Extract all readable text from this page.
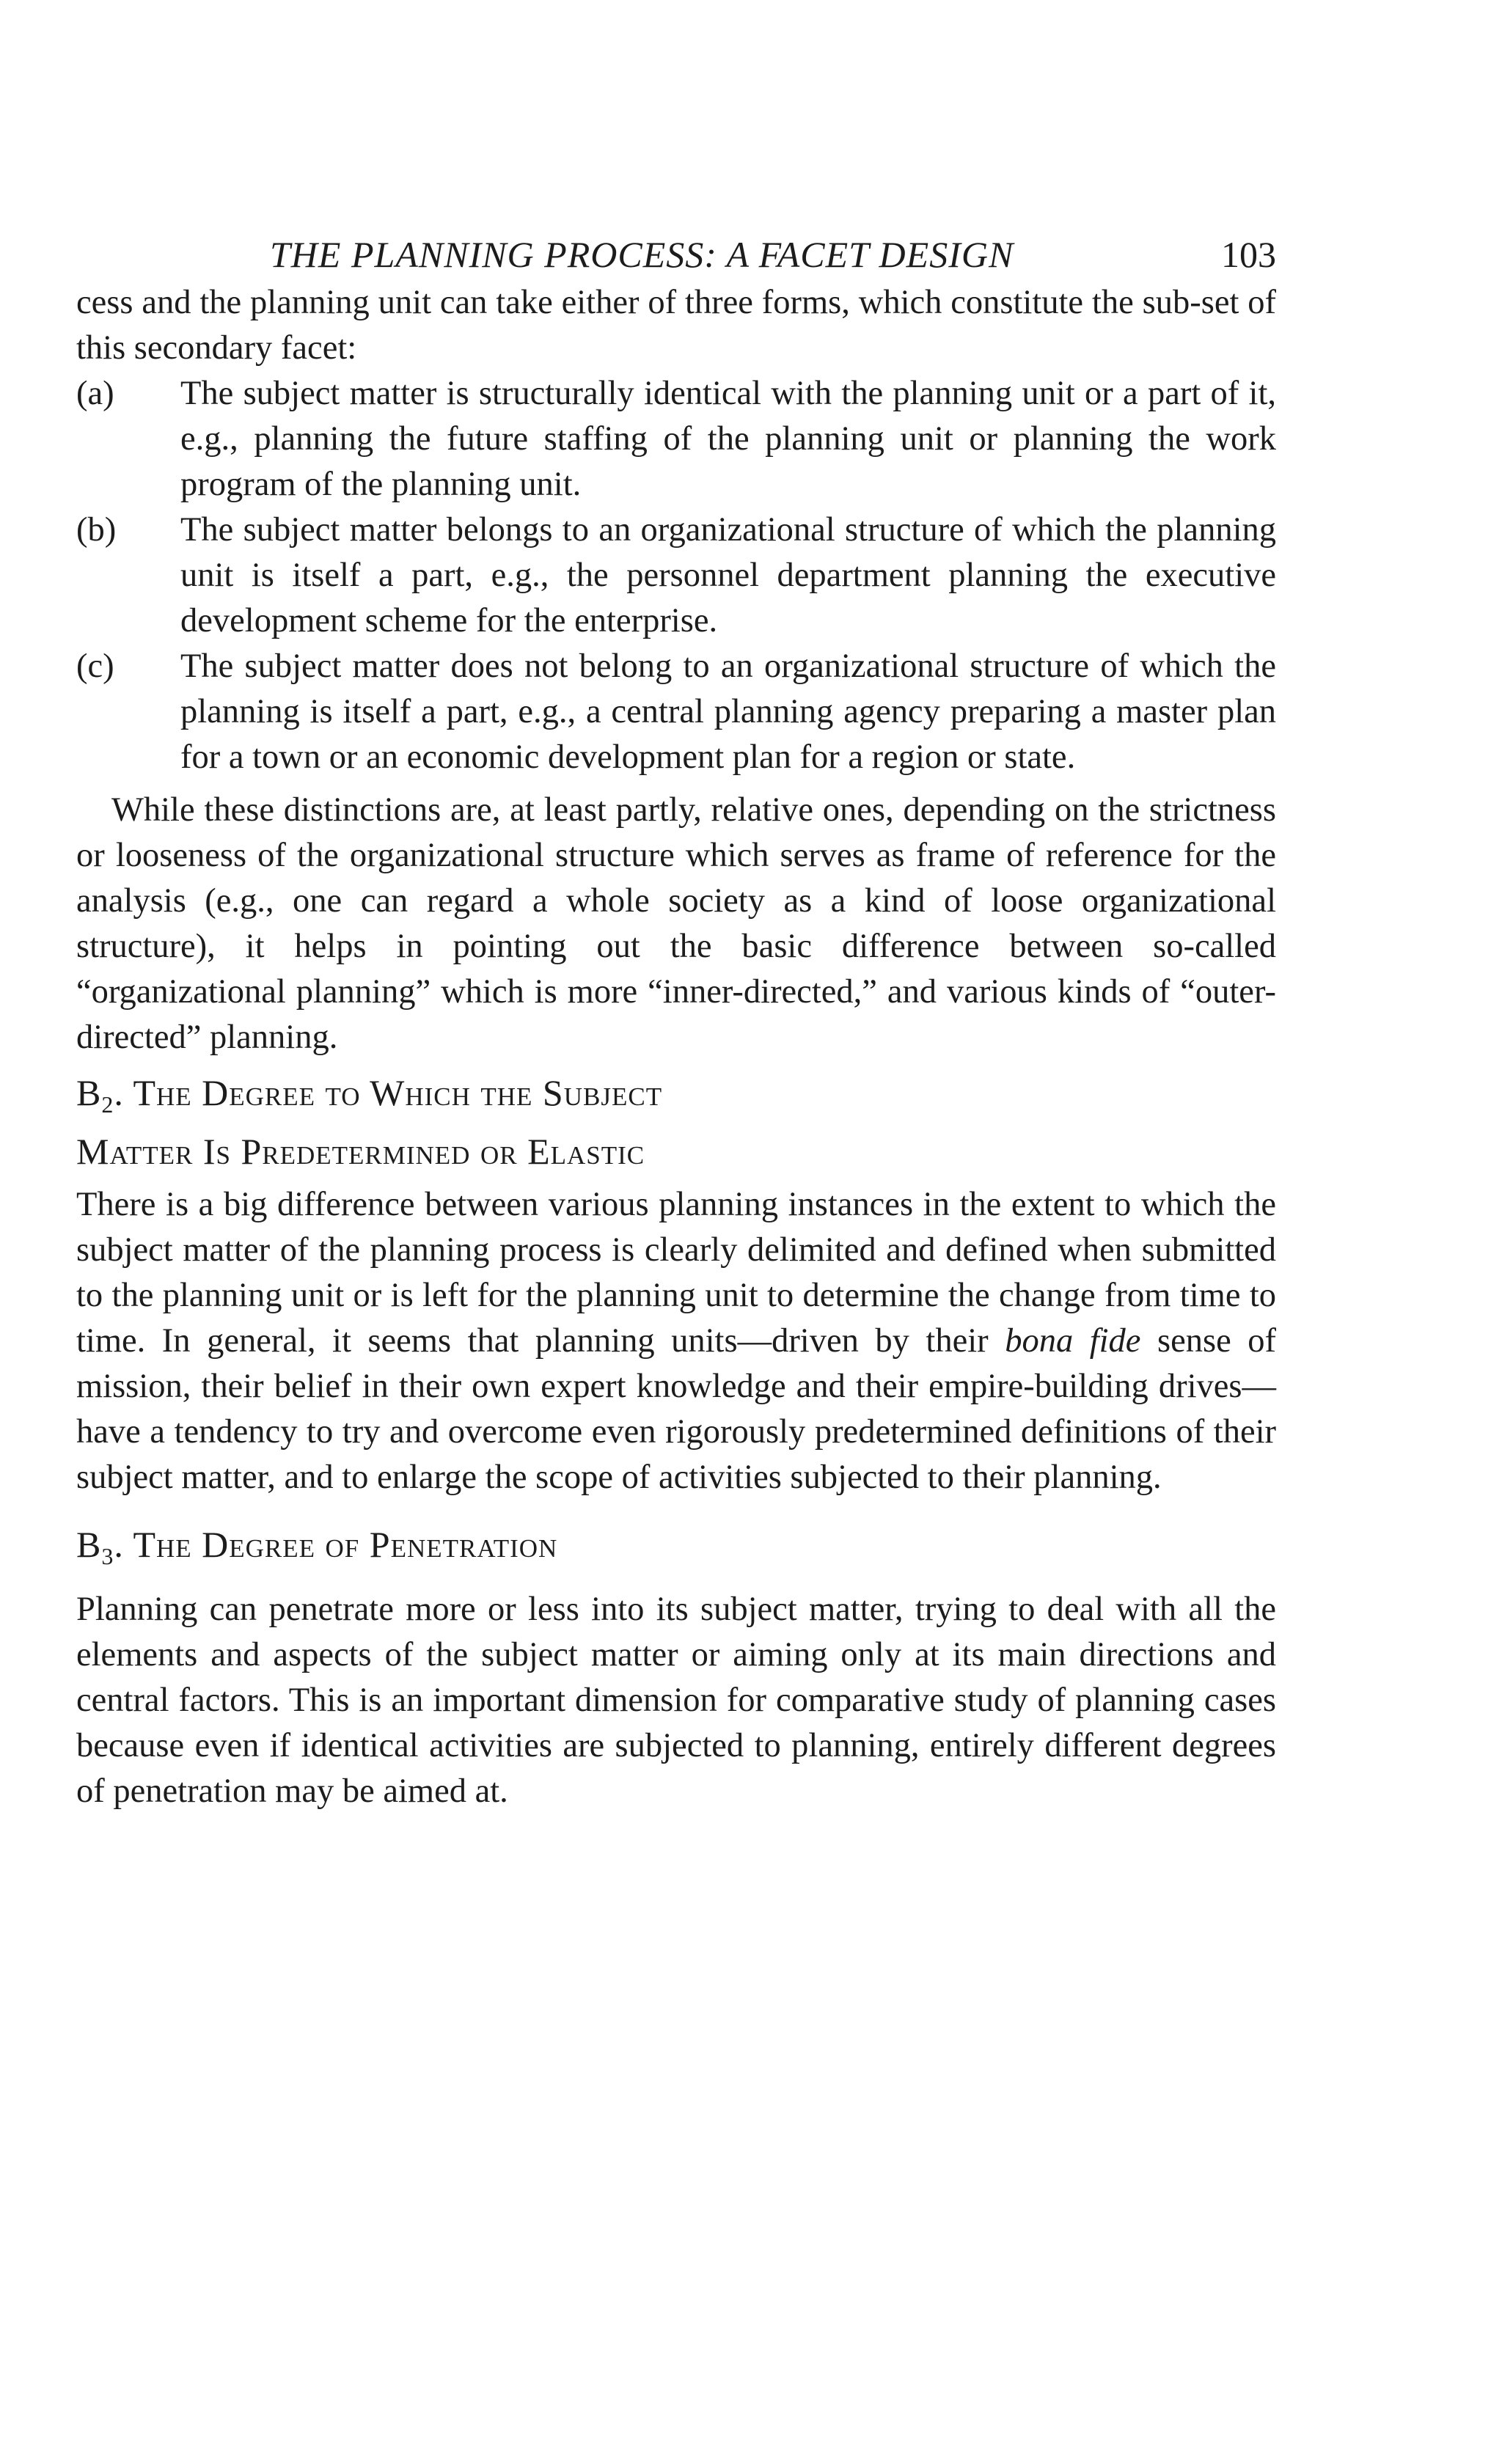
THE PLANNING PROCESS: A FACET DESIGN	103

cess and the planning unit can take either of three forms, which constitute the sub-set of this secondary facet:

(a)	The subject matter is structurally identical with the planning unit or a part of it, e.g., planning the future staffing of the planning unit or planning the work program of the planning unit.
(b)	The subject matter belongs to an organizational structure of which the planning unit is itself a part, e.g., the personnel department planning the executive development scheme for the enterprise.
(c)	The subject matter does not belong to an organizational structure of which the planning is itself a part, e.g., a central planning agency preparing a master plan for a town or an economic development plan for a region or state.

While these distinctions are, at least partly, relative ones, depending on the strictness or looseness of the organizational structure which serves as frame of reference for the analysis (e.g., one can regard a whole society as a kind of loose organizational structure), it helps in pointing out the basic difference between so-called “organizational planning” which is more “inner-directed,” and various kinds of “outer-directed” planning.

$B_2$. The Degree to Which the Subject
Matter Is Predetermined or Elastic

There is a big difference between various planning instances in the extent to which the subject matter of the planning process is clearly delimited and defined when submitted to the planning unit or is left for the planning unit to determine the change from time to time. In general, it seems that planning units—driven by their bona fide sense of mission, their belief in their own expert knowledge and their empire-building drives—have a tendency to try and overcome even rigorously predetermined definitions of their subject matter, and to enlarge the scope of activities subjected to their planning.

$B_3$. The Degree of Penetration

Planning can penetrate more or less into its subject matter, trying to deal with all the elements and aspects of the subject matter or aiming only at its main directions and central factors. This is an important dimension for comparative study of planning cases because even if identical activities are subjected to planning, entirely different degrees of penetration may be aimed at.
